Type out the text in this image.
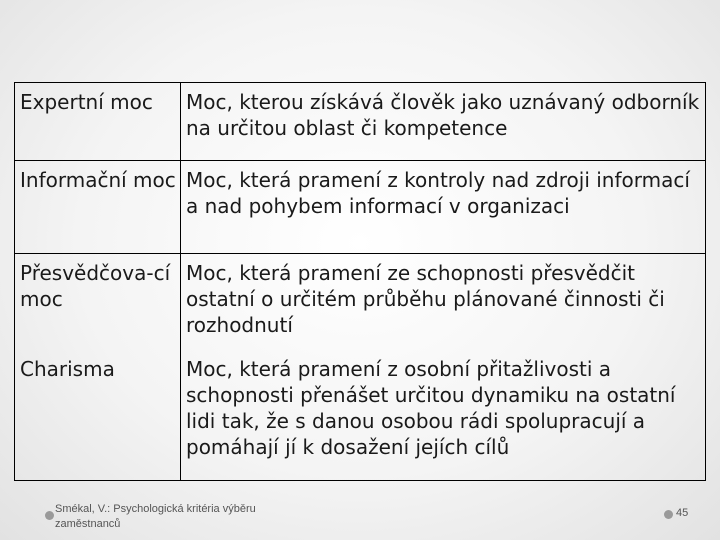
Expertní moc	Moc, kterou získává člověk jako uznávaný odborník na určitou oblast či kompetence
Informační moc	Moc, která pramení z kontroly nad zdroji informací a nad pohybem informací v organizaci
Přesvědčova-cí moc	Moc, která pramení ze schopnosti přesvědčit ostatní o určitém průběhu plánované činnosti či rozhodnutí
Charisma	Moc, která pramení z osobní přitažlivosti a schopnosti přenášet určitou dynamiku na ostatní lidi tak, že s danou osobou rádi spolupracují a pomáhají jí k dosažení jejích cílů
Smékal, V.: Psychologická kritéria výběru zaměstnanců
45
